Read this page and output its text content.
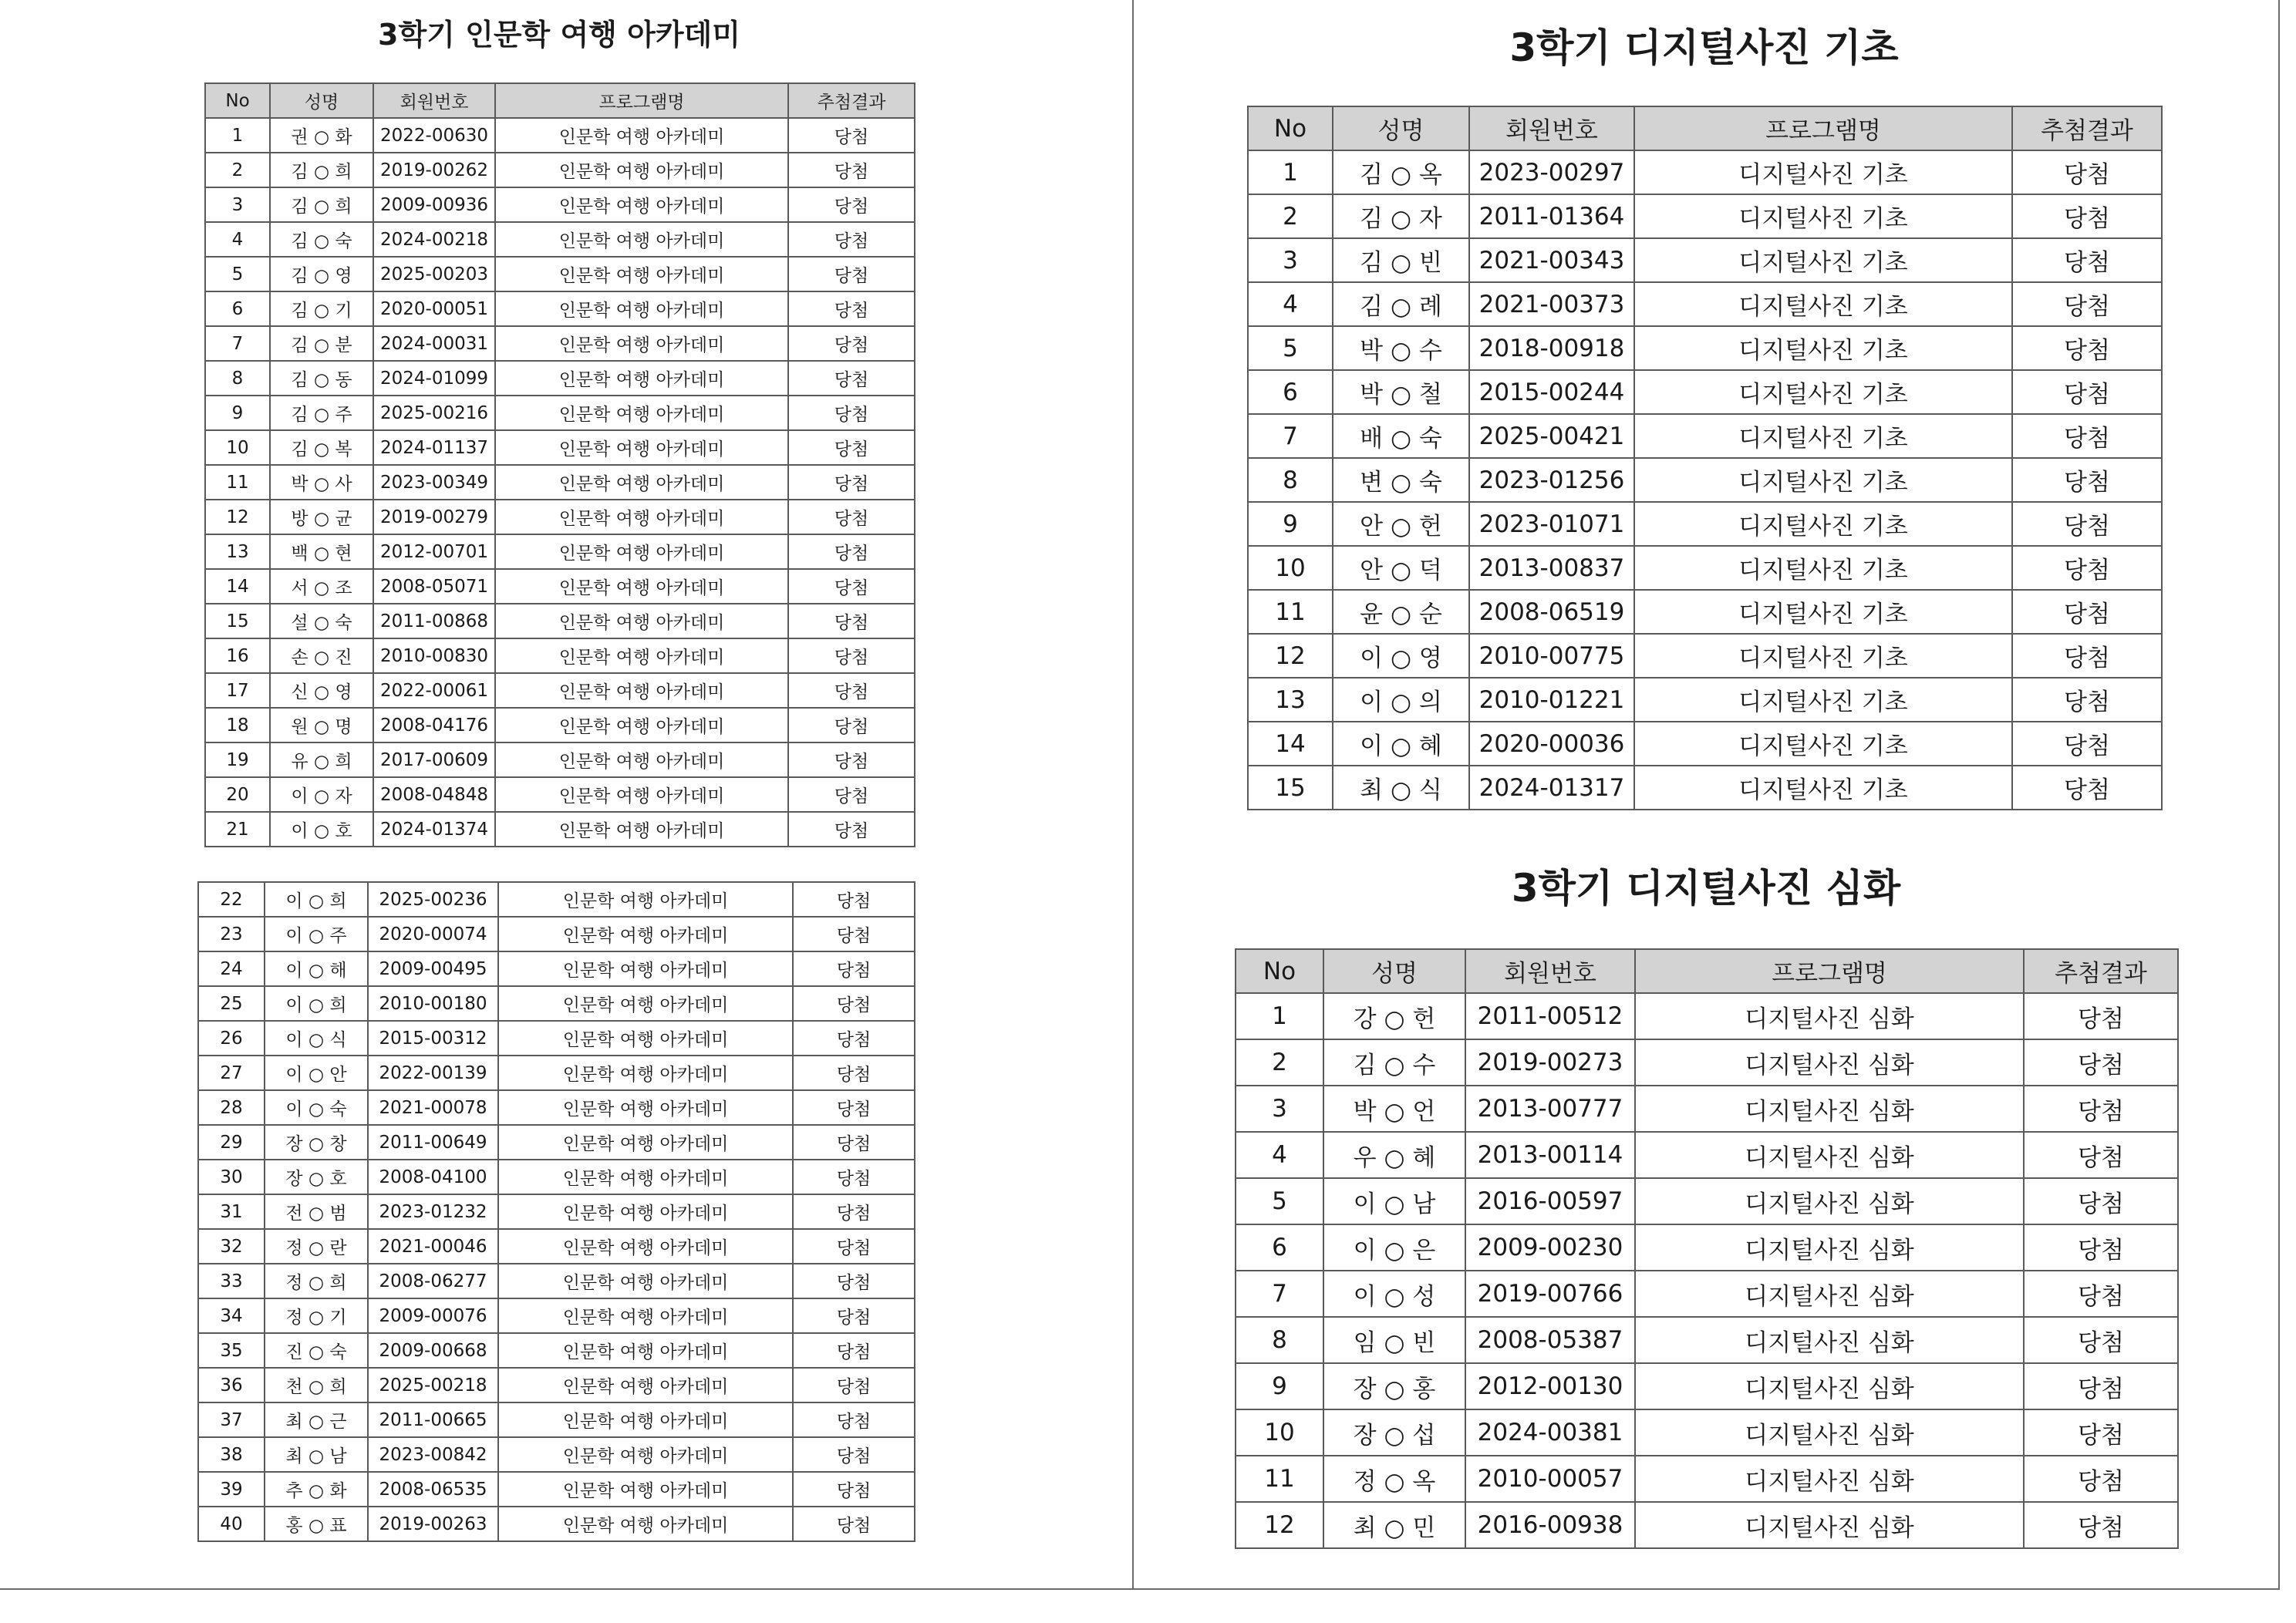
3학기 인문학 여행 아카데미
No	성명	회원번호	프로그램명	추첨결과
1	권 ○ 화	2022-00630	인문학 여행 아카데미	당첨
2	김 ○ 희	2019-00262	인문학 여행 아카데미	당첨
3	김 ○ 희	2009-00936	인문학 여행 아카데미	당첨
4	김 ○ 숙	2024-00218	인문학 여행 아카데미	당첨
5	김 ○ 영	2025-00203	인문학 여행 아카데미	당첨
6	김 ○ 기	2020-00051	인문학 여행 아카데미	당첨
7	김 ○ 분	2024-00031	인문학 여행 아카데미	당첨
8	김 ○ 동	2024-01099	인문학 여행 아카데미	당첨
9	김 ○ 주	2025-00216	인문학 여행 아카데미	당첨
10	김 ○ 복	2024-01137	인문학 여행 아카데미	당첨
11	박 ○ 사	2023-00349	인문학 여행 아카데미	당첨
12	방 ○ 균	2019-00279	인문학 여행 아카데미	당첨
13	백 ○ 현	2012-00701	인문학 여행 아카데미	당첨
14	서 ○ 조	2008-05071	인문학 여행 아카데미	당첨
15	설 ○ 숙	2011-00868	인문학 여행 아카데미	당첨
16	손 ○ 진	2010-00830	인문학 여행 아카데미	당첨
17	신 ○ 영	2022-00061	인문학 여행 아카데미	당첨
18	원 ○ 명	2008-04176	인문학 여행 아카데미	당첨
19	유 ○ 희	2017-00609	인문학 여행 아카데미	당첨
20	이 ○ 자	2008-04848	인문학 여행 아카데미	당첨
21	이 ○ 호	2024-01374	인문학 여행 아카데미	당첨
22	이 ○ 희	2025-00236	인문학 여행 아카데미	당첨
23	이 ○ 주	2020-00074	인문학 여행 아카데미	당첨
24	이 ○ 해	2009-00495	인문학 여행 아카데미	당첨
25	이 ○ 희	2010-00180	인문학 여행 아카데미	당첨
26	이 ○ 식	2015-00312	인문학 여행 아카데미	당첨
27	이 ○ 안	2022-00139	인문학 여행 아카데미	당첨
28	이 ○ 숙	2021-00078	인문학 여행 아카데미	당첨
29	장 ○ 창	2011-00649	인문학 여행 아카데미	당첨
30	장 ○ 호	2008-04100	인문학 여행 아카데미	당첨
31	전 ○ 범	2023-01232	인문학 여행 아카데미	당첨
32	정 ○ 란	2021-00046	인문학 여행 아카데미	당첨
33	정 ○ 희	2008-06277	인문학 여행 아카데미	당첨
34	정 ○ 기	2009-00076	인문학 여행 아카데미	당첨
35	진 ○ 숙	2009-00668	인문학 여행 아카데미	당첨
36	천 ○ 희	2025-00218	인문학 여행 아카데미	당첨
37	최 ○ 근	2011-00665	인문학 여행 아카데미	당첨
38	최 ○ 남	2023-00842	인문학 여행 아카데미	당첨
39	추 ○ 화	2008-06535	인문학 여행 아카데미	당첨
40	홍 ○ 표	2019-00263	인문학 여행 아카데미	당첨
3학기 디지털사진 기초
No	성명	회원번호	프로그램명	추첨결과
1	김 ○ 옥	2023-00297	디지털사진 기초	당첨
2	김 ○ 자	2011-01364	디지털사진 기초	당첨
3	김 ○ 빈	2021-00343	디지털사진 기초	당첨
4	김 ○ 례	2021-00373	디지털사진 기초	당첨
5	박 ○ 수	2018-00918	디지털사진 기초	당첨
6	박 ○ 철	2015-00244	디지털사진 기초	당첨
7	배 ○ 숙	2025-00421	디지털사진 기초	당첨
8	변 ○ 숙	2023-01256	디지털사진 기초	당첨
9	안 ○ 헌	2023-01071	디지털사진 기초	당첨
10	안 ○ 덕	2013-00837	디지털사진 기초	당첨
11	윤 ○ 순	2008-06519	디지털사진 기초	당첨
12	이 ○ 영	2010-00775	디지털사진 기초	당첨
13	이 ○ 의	2010-01221	디지털사진 기초	당첨
14	이 ○ 혜	2020-00036	디지털사진 기초	당첨
15	최 ○ 식	2024-01317	디지털사진 기초	당첨
3학기 디지털사진 심화
No	성명	회원번호	프로그램명	추첨결과
1	강 ○ 헌	2011-00512	디지털사진 심화	당첨
2	김 ○ 수	2019-00273	디지털사진 심화	당첨
3	박 ○ 언	2013-00777	디지털사진 심화	당첨
4	우 ○ 혜	2013-00114	디지털사진 심화	당첨
5	이 ○ 남	2016-00597	디지털사진 심화	당첨
6	이 ○ 은	2009-00230	디지털사진 심화	당첨
7	이 ○ 성	2019-00766	디지털사진 심화	당첨
8	임 ○ 빈	2008-05387	디지털사진 심화	당첨
9	장 ○ 홍	2012-00130	디지털사진 심화	당첨
10	장 ○ 섭	2024-00381	디지털사진 심화	당첨
11	정 ○ 옥	2010-00057	디지털사진 심화	당첨
12	최 ○ 민	2016-00938	디지털사진 심화	당첨
